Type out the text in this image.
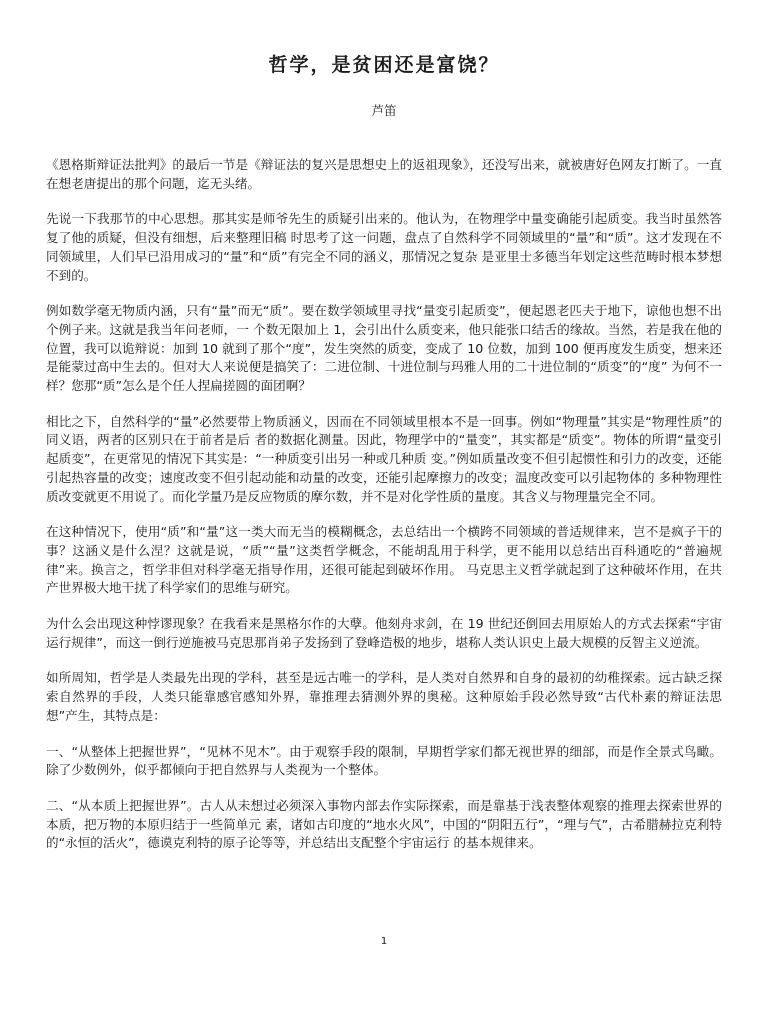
哲学，是贫困还是富饶？

芦笛

《恩格斯辩证法批判》的最后一节是《辩证法的复兴是思想史上的返祖现象》，还没写出来，就被唐好色网友打断了。一直在想老唐提出的那个问题，迄无头绪。

先说一下我那节的中心思想。那其实是师爷先生的质疑引出来的。他认为，在物理学中量变确能引起质变。我当时虽然答复了他的质疑，但没有细想，后来整理旧稿 时思考了这一问题，盘点了自然科学不同领域里的“量”和“质”。这才发现在不同领域里，人们早已沿用成习的“量”和“质”有完全不同的涵义，那情况之复杂 是亚里士多德当年划定这些范畴时根本梦想不到的。

例如数学毫无物质内涵，只有“量”而无“质”。要在数学领域里寻找“量变引起质变”，便起恩老匹夫于地下，谅他也想不出个例子来。这就是我当年问老师，一 个数无限加上 1，会引出什么质变来，他只能张口结舌的缘故。当然，若是我在他的位置，我可以诡辩说：加到 10 就到了那个“度”，发生突然的质变，变成了 10 位数，加到 100 便再度发生质变，想来还是能蒙过高中生去的。但对大人来说便是搞笑了：二进位制、十进位制与玛雅人用的二十进位制的“质变”的“度” 为何不一样？您那“质”怎么是个任人捏扁搓圆的面团啊？

相比之下，自然科学的“量”必然要带上物质涵义，因而在不同领域里根本不是一回事。例如“物理量”其实是“物理性质”的同义语，两者的区别只在于前者是后 者的数据化测量。因此，物理学中的“量变”，其实都是“质变”。物体的所谓“量变引起质变”，在更常见的情况下其实是：“一种质变引出另一种或几种质 变。”例如质量改变不但引起惯性和引力的改变，还能引起热容量的改变；速度改变不但引起动能和动量的改变，还能引起摩擦力的改变；温度改变可以引起物体的 多种物理性质改变就更不用说了。而化学量乃是反应物质的摩尔数，并不是对化学性质的量度。其含义与物理量完全不同。

在这种情况下，使用“质”和“量”这一类大而无当的模糊概念，去总结出一个横跨不同领域的普适规律来，岂不是疯子干的事？这涵义是什么涅？这就是说，“质”“量”这类哲学概念，不能胡乱用于科学，更不能用以总结出百科通吃的“普遍规律”来。换言之，哲学非但对科学毫无指导作用，还很可能起到破坏作用。 马克思主义哲学就起到了这种破坏作用，在共产世界极大地干扰了科学家们的思维与研究。

为什么会出现这种悖谬现象？在我看来是黑格尔作的大孽。他刻舟求剑，在 19 世纪还倒回去用原始人的方式去探索“宇宙运行规律”，而这一倒行逆施被马克思那肖弟子发扬到了登峰造极的地步，堪称人类认识史上最大规模的反智主义逆流。

如所周知，哲学是人类最先出现的学科，甚至是远古唯一的学科，是人类对自然界和自身的最初的幼稚探索。远古缺乏探索自然界的手段，人类只能靠感官感知外界，靠推理去猜测外界的奥秘。这种原始手段必然导致“古代朴素的辩证法思想”产生，其特点是：

一、“从整体上把握世界”，“见林不见木”。由于观察手段的限制，早期哲学家们都无视世界的细部，而是作全景式鸟瞰。除了少数例外，似乎都倾向于把自然界与人类视为一个整体。

二、“从本质上把握世界”。古人从未想过必须深入事物内部去作实际探索，而是靠基于浅表整体观察的推理去探索世界的本质，把万物的本原归结于一些简单元 素，诸如古印度的“地水火风”，中国的“阴阳五行”，“理与气”，古希腊赫拉克利特的“永恒的活火”，德谟克利特的原子论等等，并总结出支配整个宇宙运行 的基本规律来。

1
